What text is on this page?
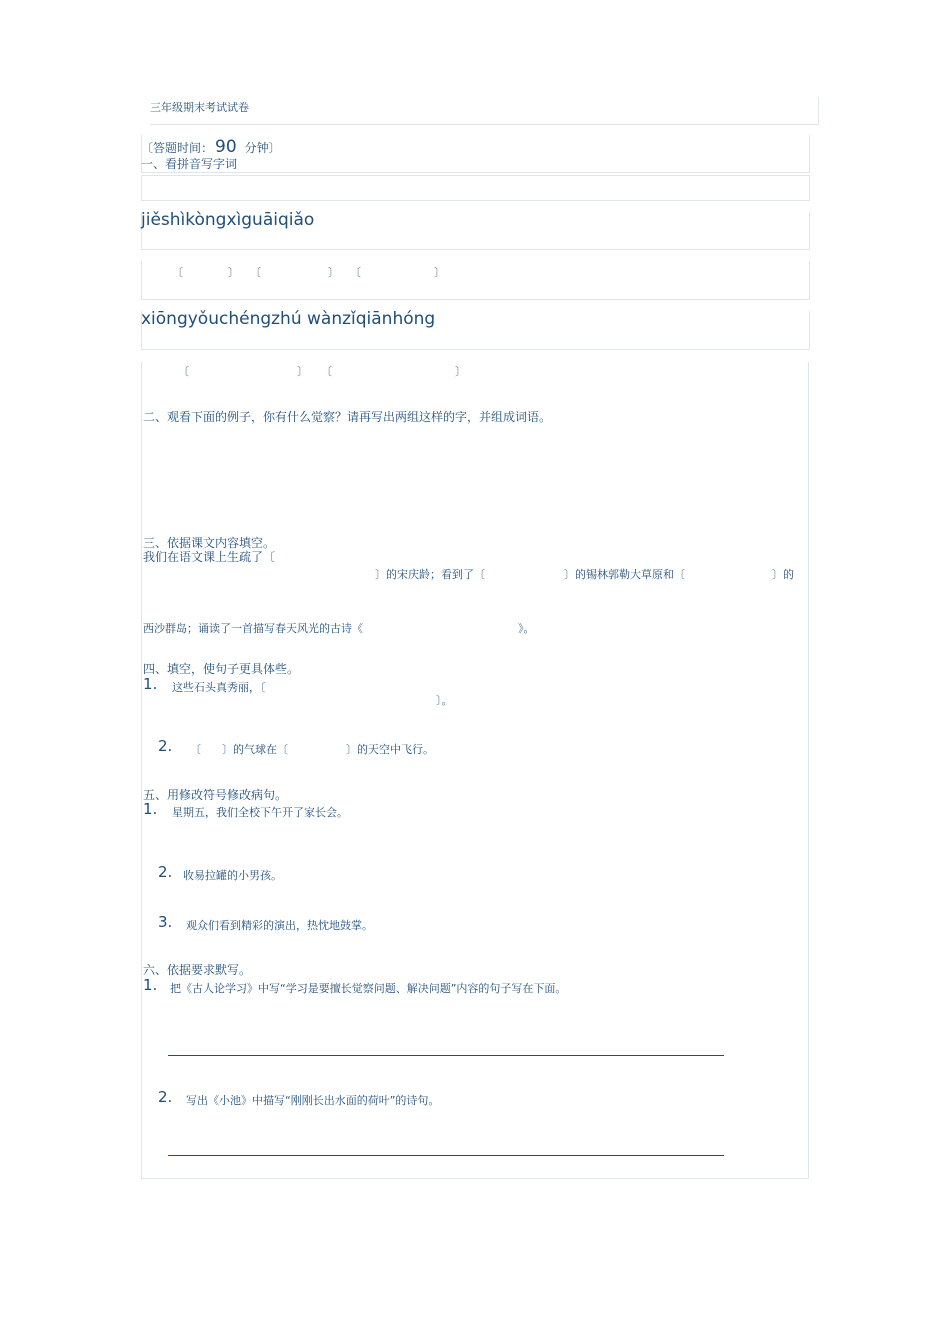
三年级期末考试试卷
〔答题时间： 90 分钟〕
一、看拼音写字词
jiěshìkòngxìguāiqiǎo
〔	〕 〔	〕 〔	〕
xiōngyǒuchéngzhú wànzǐqiānhóng
〔	〕 〔	〕
二、观看下面的例子，你有什么觉察？请再写出两组这样的字，并组成词语。
三、依据课文内容填空。
我们在语文课上生疏了〔
〕的宋庆龄；看到了〔	〕的锡林郭勒大草原和〔	〕的
西沙群岛；诵读了一首描写春天风光的古诗《	》。
四、填空，使句子更具体些。
1. 这些石头真秀丽，〔
〕。
2. 〔 〕的气球在〔	〕的天空中飞行。
五、用修改符号修改病句。
1. 星期五，我们全校下午开了家长会。
2. 收易拉罐的小男孩。
3. 观众们看到精彩的演出，热忱地鼓掌。
六、依据要求默写。
1. 把《古人论学习》中写“学习是要擅长觉察问题、解决问题”内容的句子写在下面。
2. 写出《小池》中描写“刚刚长出水面的荷叶”的诗句。
